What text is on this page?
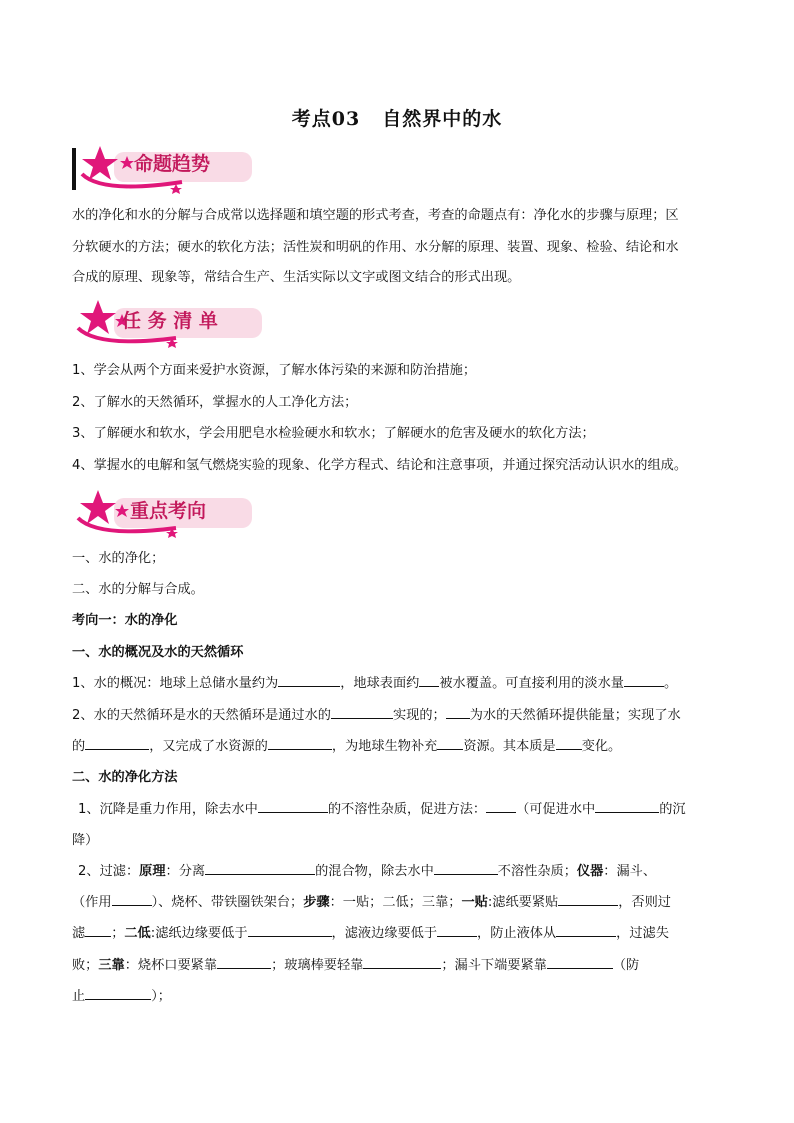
考点03 自然界中的水
命题趋势
水的净化和水的分解与合成常以选择题和填空题的形式考查，考查的命题点有：净化水的步骤与原理；区
分软硬水的方法；硬水的软化方法；活性炭和明矾的作用、水分解的原理、装置、现象、检验、结论和水
合成的原理、现象等，常结合生产、生活实际以文字或图文结合的形式出现。
任 务 清 单
1、学会从两个方面来爱护水资源，了解水体污染的来源和防治措施；
2、了解水的天然循环，掌握水的人工净化方法；
3、了解硬水和软水，学会用肥皂水检验硬水和软水；了解硬水的危害及硬水的软化方法；
4、掌握水的电解和氢气燃烧实验的现象、化学方程式、结论和注意事项，并通过探究活动认识水的组成。
重点考向
一、水的净化；
二、水的分解与合成。
考向一：水的净化
一、水的概况及水的天然循环
1、水的概况：地球上总储水量约为	，地球表面约 被水覆盖。可直接利用的淡水量	。
2、水的天然循环是水的天然循环是通过水的	实现的； 为水的天然循环提供能量；实现了水
的	，又完成了水资源的	，为地球生物补充 资源。其本质是 变化。
二、水的净化方法
1、沉降是重力作用，除去水中	的不溶性杂质，促进方法： （可促进水中	的沉
降）
2、过滤：原理：分离	的混合物，除去水中	不溶性杂质；仪器：漏斗、
（作用	）、烧杯、带铁圈铁架台；步骤：一贴；二低；三靠；一贴:滤纸要紧贴	，否则过
滤 ；二低:滤纸边缘要低于	，滤液边缘要低于	，防止液体从	，过滤失
败；三靠：烧杯口要紧靠	；玻璃棒要轻靠	；漏斗下端要紧靠	（防
止	）；
